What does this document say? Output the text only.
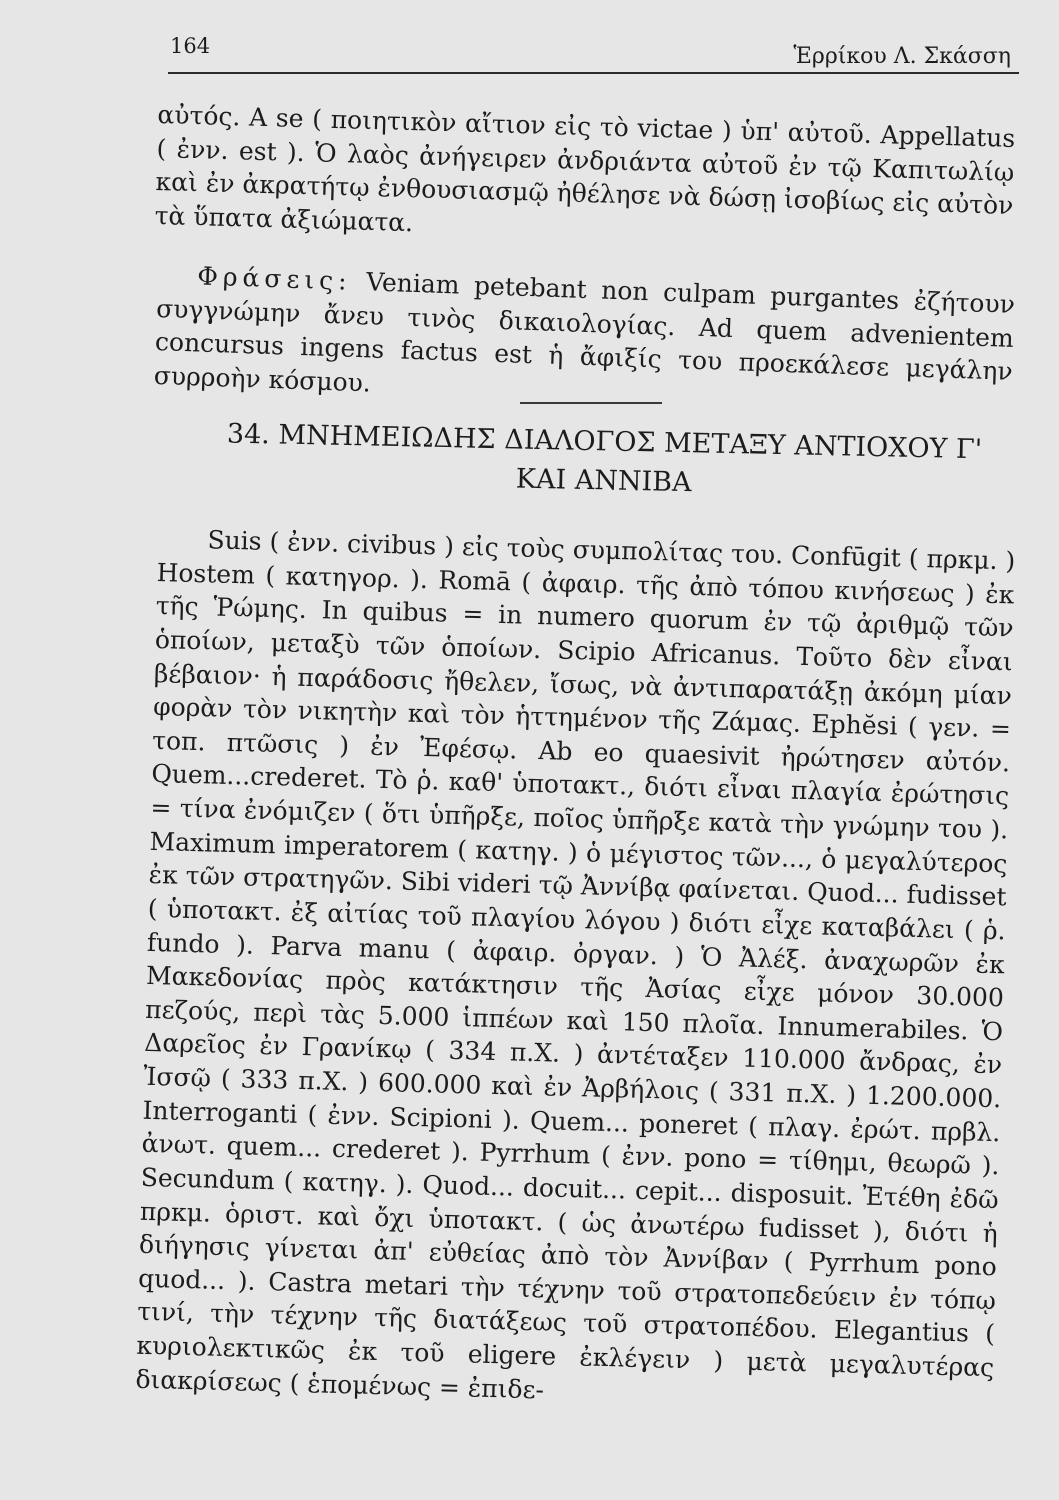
164	Ἑρρίκου Λ. Σκάσση

αὐτός. A se ( ποιητικὸν αἴτιον εἰς τὸ victae ) ὑπ' αὐτοῦ. Appellatus ( ἐνν. est ). Ὁ λαὸς ἀνήγειρεν ἀνδριάντα αὐτοῦ ἐν τῷ Καπιτωλίῳ καὶ ἐν ἀκρατήτῳ ἐνθουσιασμῷ ἠθέλησε νὰ δώσῃ ἰσοβίως εἰς αὐτὸν τὰ ὕπατα ἀξιώματα.

Φράσεις: Veniam petebant non culpam purgantes ἐζήτουν συγγνώμην ἄνευ τινὸς δικαιολογίας. Ad quem advenientem concursus ingens factus est ἡ ἄφιξίς του προεκάλεσε μεγάλην συρροὴν κόσμου.

34. ΜΝΗΜΕΙΩΔΗΣ ΔΙΑΛΟΓΟΣ ΜΕΤΑΞΥ ΑΝΤΙΟΧΟΥ Γ'
ΚΑΙ ΑΝΝΙΒΑ

Suis ( ἐνν. civibus ) εἰς τοὺς συμπολίτας του. Confūgit ( πρκμ. ) Hostem ( κατηγορ. ). Romā ( ἀφαιρ. τῆς ἀπὸ τόπου κινήσεως ) ἐκ τῆς Ῥώμης. In quibus = in numero quorum ἐν τῷ ἀριθμῷ τῶν ὁποίων, μεταξὺ τῶν ὁποίων. Scipio Africanus. Τοῦτο δὲν εἶναι βέβαιον· ἡ παράδοσις ἤθελεν, ἴσως, νὰ ἀντιπαρατάξῃ ἀκόμη μίαν φορὰν τὸν νικητὴν καὶ τὸν ἡττημένον τῆς Ζάμας. Ephĕsi ( γεν. = τοπ. πτῶσις ) ἐν Ἐφέσῳ. Ab eo quaesivit ἠρώτησεν αὐτόν. Quem...crederet. Τὸ ῥ. καθ' ὑποτακτ., διότι εἶναι πλαγία ἐρώτησις = τίνα ἐνόμιζεν ( ὅτι ὑπῆρξε, ποῖος ὑπῆρξε κατὰ τὴν γνώμην του ). Maximum imperatorem ( κατηγ. ) ὁ μέγιστος τῶν..., ὁ μεγαλύτερος ἐκ τῶν στρατηγῶν. Sibi videri τῷ Ἀννίβᾳ φαίνεται. Quod... fudisset ( ὑποτακτ. ἐξ αἰτίας τοῦ πλαγίου λόγου ) διότι εἶχε καταβάλει ( ῥ. fundo ). Parva manu ( ἀφαιρ. ὀργαν. ) Ὁ Ἀλέξ. ἀναχωρῶν ἐκ Μακεδονίας πρὸς κατάκτησιν τῆς Ἀσίας εἶχε μόνον 30.000 πεζούς, περὶ τὰς 5.000 ἱππέων καὶ 150 πλοῖα. Innumerabiles. Ὁ Δαρεῖος ἐν Γρανίκῳ ( 334 π.Χ. ) ἀντέταξεν 110.000 ἄνδρας, ἐν Ἰσσῷ ( 333 π.Χ. ) 600.000 καὶ ἐν Ἀρβήλοις ( 331 π.Χ. ) 1.200.000. Interroganti ( ἐνν. Scipioni ). Quem... poneret ( πλαγ. ἐρώτ. πρβλ. ἀνωτ. quem... crederet ). Pyrrhum ( ἐνν. pono = τίθημι, θεωρῶ ). Secundum ( κατηγ. ). Quod... docuit... cepit... disposuit. Ἐτέθη ἐδῶ πρκμ. ὁριστ. καὶ ὄχι ὑποτακτ. ( ὡς ἀνωτέρω fudisset ), διότι ἡ διήγησις γίνεται ἀπ' εὐθείας ἀπὸ τὸν Ἀννίβαν ( Pyrrhum pono quod... ). Castra metari τὴν τέχνην τοῦ στρατοπεδεύειν ἐν τόπῳ τινί, τὴν τέχνην τῆς διατάξεως τοῦ στρατοπέδου. Elegantius ( κυριολεκτικῶς ἐκ τοῦ eligere ἐκλέγειν ) μετὰ μεγαλυτέρας διακρίσεως ( ἑπομένως = ἐπιδε-
